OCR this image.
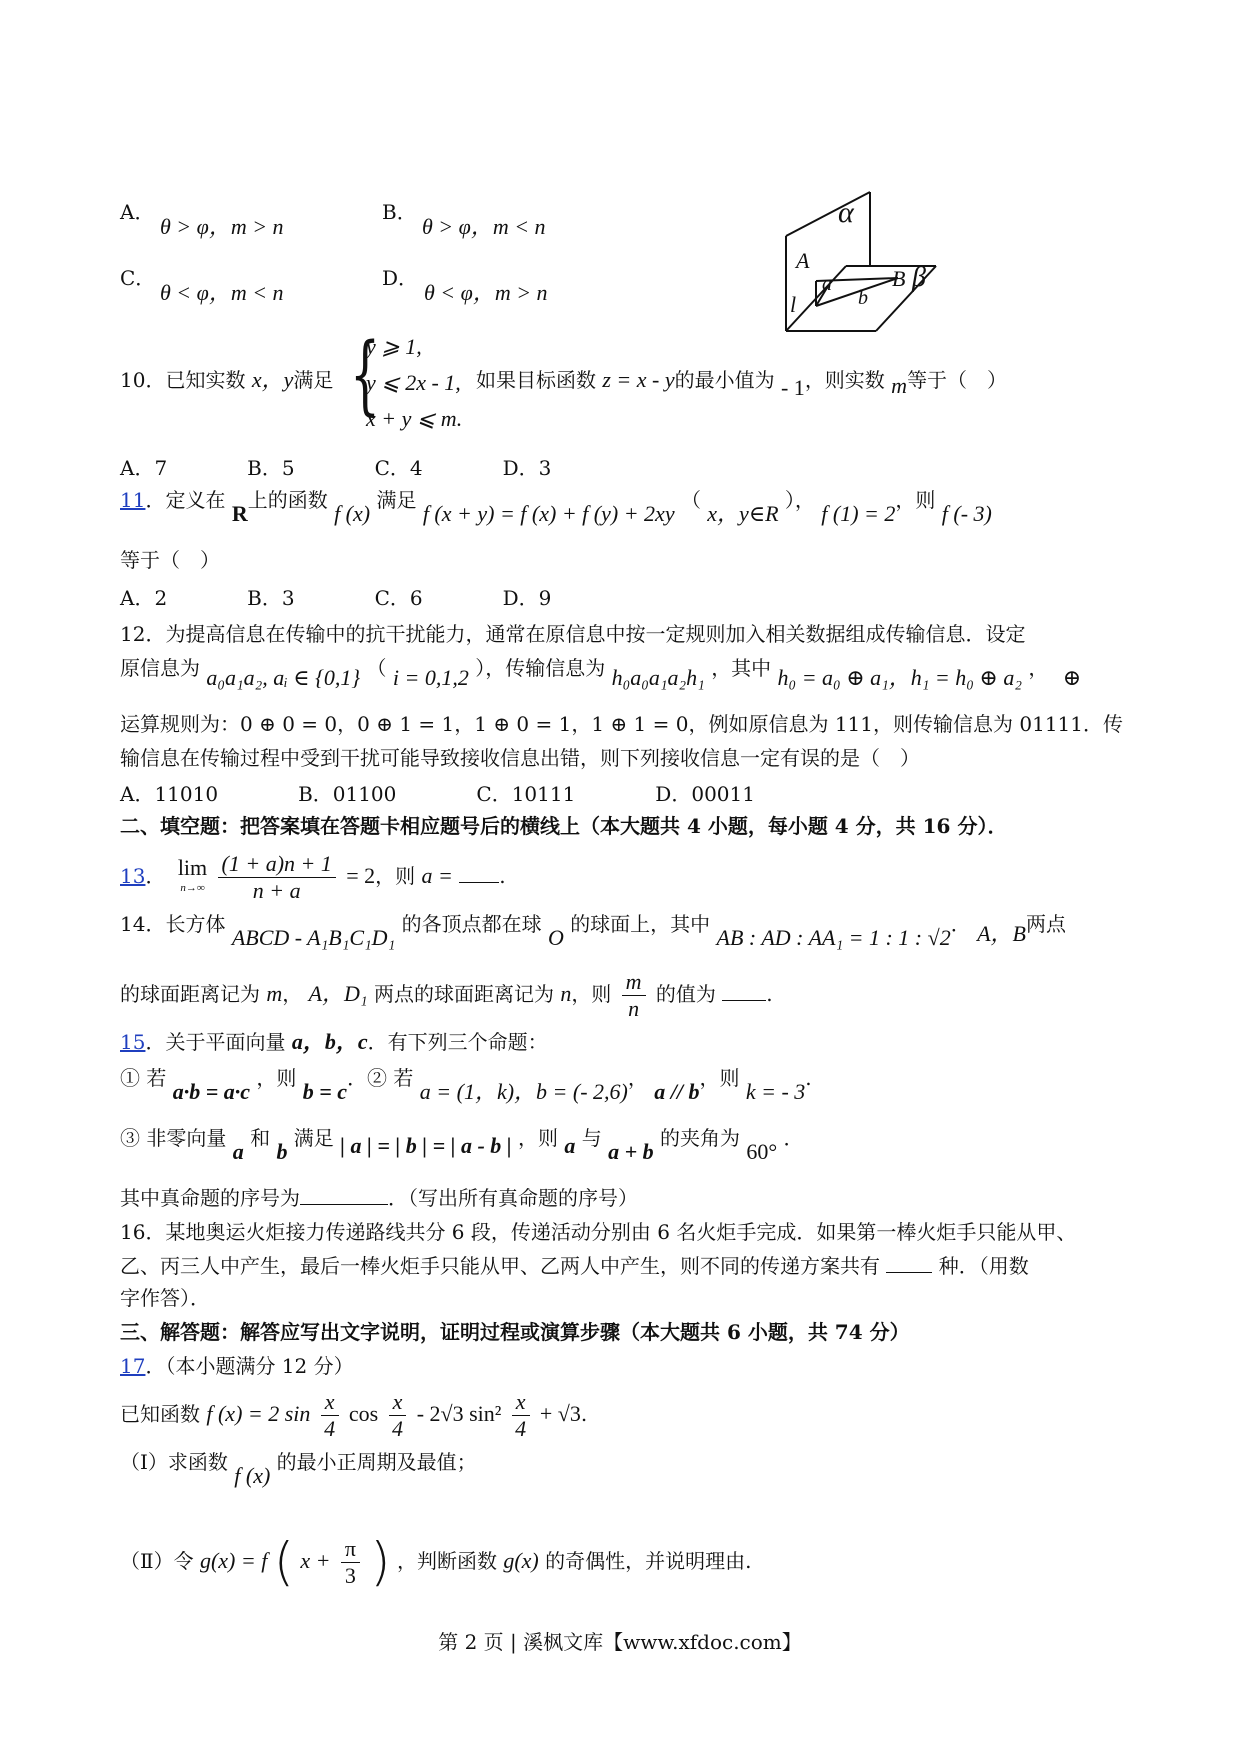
A．
θ > φ，m > n
B．
θ > φ，m < n
C．
θ < φ，m < n
D．
θ < φ，m > n
α
A
a	B
b
β
l
10．已知实数 x，y满足 {
y ⩾ 1,
y ⩽ 2x - 1,
x + y ⩽ m.
如果目标函数 z = x - y的最小值为 - 1，则实数 m等于（　）
A．7　　　　B．5　　　　C．4　　　　D．3
11．定义在 R上的函数 f (x) 满足 f (x + y) = f (x) + f (y) + 2xy （ x，y∈R ）， f (1) = 2，则 f (- 3)
等于（　）
A．2　　　　B．3　　　　C．6　　　　D．9
12．为提高信息在传输中的抗干扰能力，通常在原信息中按一定规则加入相关数据组成传输信息．设定
原信息为 a₀a₁a₂, aᵢ ∈ {0,1} （ i = 0,1,2 ），传输信息为 h₀a₀a₁a₂h₁ ，其中 h₀ = a₀ ⊕ a₁，h₁ = h₀ ⊕ a₂ ， ⊕
运算规则为：0 ⊕ 0 = 0，0 ⊕ 1 = 1，1 ⊕ 0 = 1，1 ⊕ 1 = 0，例如原信息为 111，则传输信息为 01111．传
输信息在传输过程中受到干扰可能导致接收信息出错，则下列接收信息一定有误的是（　）
A．11010　　　　B．01100　　　　C．10111　　　　D．00011
二、填空题：把答案填在答题卡相应题号后的横线上（本大题共 4 小题，每小题 4 分，共 16 分）．
13． lim
n→∞
$\frac{(1 + a)n + 1}{n + a} = 2$，则 a = .
14．长方体 ABCD - A₁B₁C₁D₁ 的各顶点都在球 O 的球面上，其中 AB : AD : AA₁ = 1 : 1 : √2． A，B两点
的球面距离记为 m， A，D₁ 两点的球面距离记为 n，则 $\frac{m}{n}$ 的值为	.
15．关于平面向量 a，b，c．有下列三个命题：
① 若 a·b = a·c ，则 b = c．② 若 a = (1，k)，b = (- 2,6)， a // b，则 k = - 3.
③ 非零向量 a 和 b 满足 | a | = | b | = | a - b | ，则 a 与 a + b 的夹角为 60° ．
其中真命题的序号为	．（写出所有真命题的序号）
16．某地奥运火炬接力传递路线共分 6 段，传递活动分别由 6 名火炬手完成．如果第一棒火炬手只能从甲、
乙、丙三人中产生，最后一棒火炬手只能从甲、乙两人中产生，则不同的传递方案共有	种．（用数
字作答）．
三、解答题：解答应写出文字说明，证明过程或演算步骤（本大题共 6 小题，共 74 分）
17．（本小题满分 12 分）
已知函数 f (x) = 2 $\sin \frac{x}{4}$ $\cos \frac{x}{4} - 2√3$ $\sin^2 \frac{x}{4} + √3$.
（Ⅰ）求函数 f (x) 的最小正周期及最值；
（Ⅱ）令 g(x) = f ( $x + \frac{\pi}{3}$ ) ，判断函数 g(x) 的奇偶性，并说明理由.
第 2 页 | 溪枫文库【www.xfdoc.com】
